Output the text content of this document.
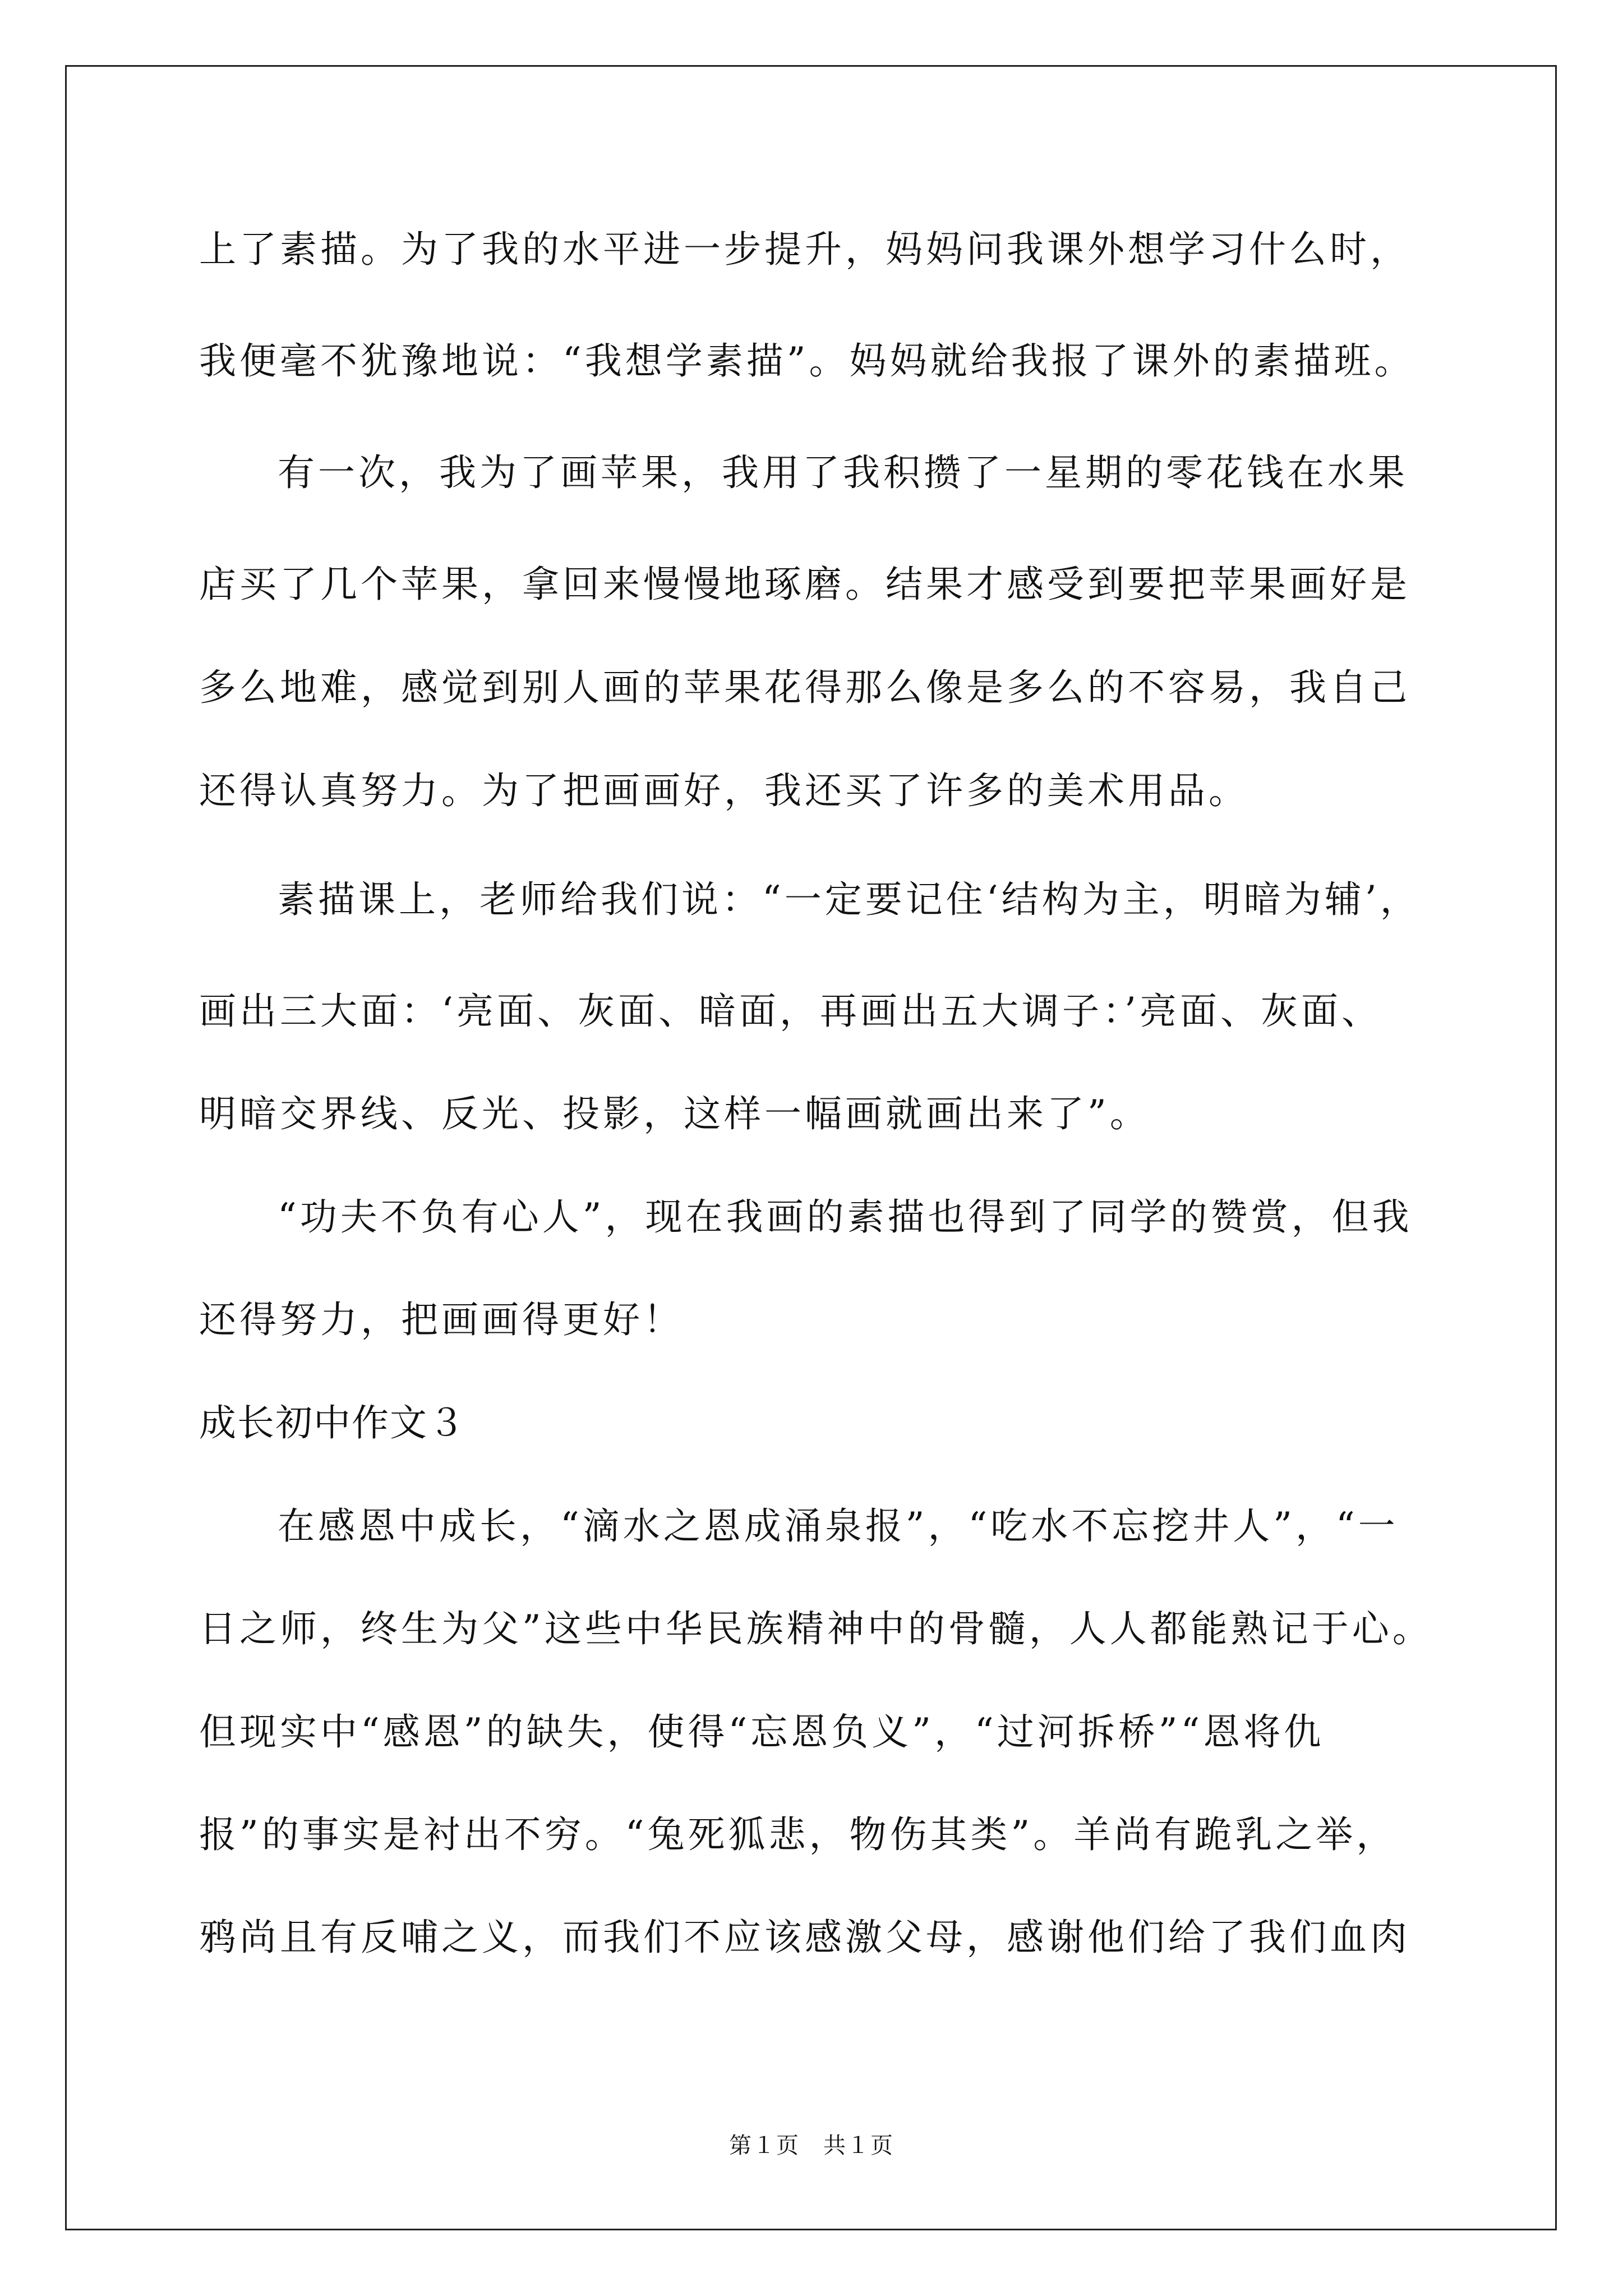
上了素描。为了我的水平进一步提升，妈妈问我课外想学习什么时，
我便毫不犹豫地说：“我想学素描”。妈妈就给我报了课外的素描班。
有一次，我为了画苹果，我用了我积攒了一星期的零花钱在水果
店买了几个苹果，拿回来慢慢地琢磨。结果才感受到要把苹果画好是
多么地难，感觉到别人画的苹果花得那么像是多么的不容易，我自己
还得认真努力。为了把画画好，我还买了许多的美术用品。
素描课上，老师给我们说：“一定要记住‘结构为主，明暗为辅’，
画出三大面：‘亮面、灰面、暗面，再画出五大调子：’亮面、灰面、
明暗交界线、反光、投影，这样一幅画就画出来了”。
“功夫不负有心人”，现在我画的素描也得到了同学的赞赏，但我
还得努力，把画画得更好！
成长初中作文３
在感恩中成长，“滴水之恩成涌泉报”，“吃水不忘挖井人”，“一
日之师，终生为父”这些中华民族精神中的骨髓，人人都能熟记于心。
但现实中“感恩”的缺失，使得“忘恩负义”，“过河拆桥”“恩将仇
报”的事实是衬出不穷。“兔死狐悲，物伤其类”。羊尚有跪乳之举，
鸦尚且有反哺之义，而我们不应该感激父母，感谢他们给了我们血肉
第１页　共１页
